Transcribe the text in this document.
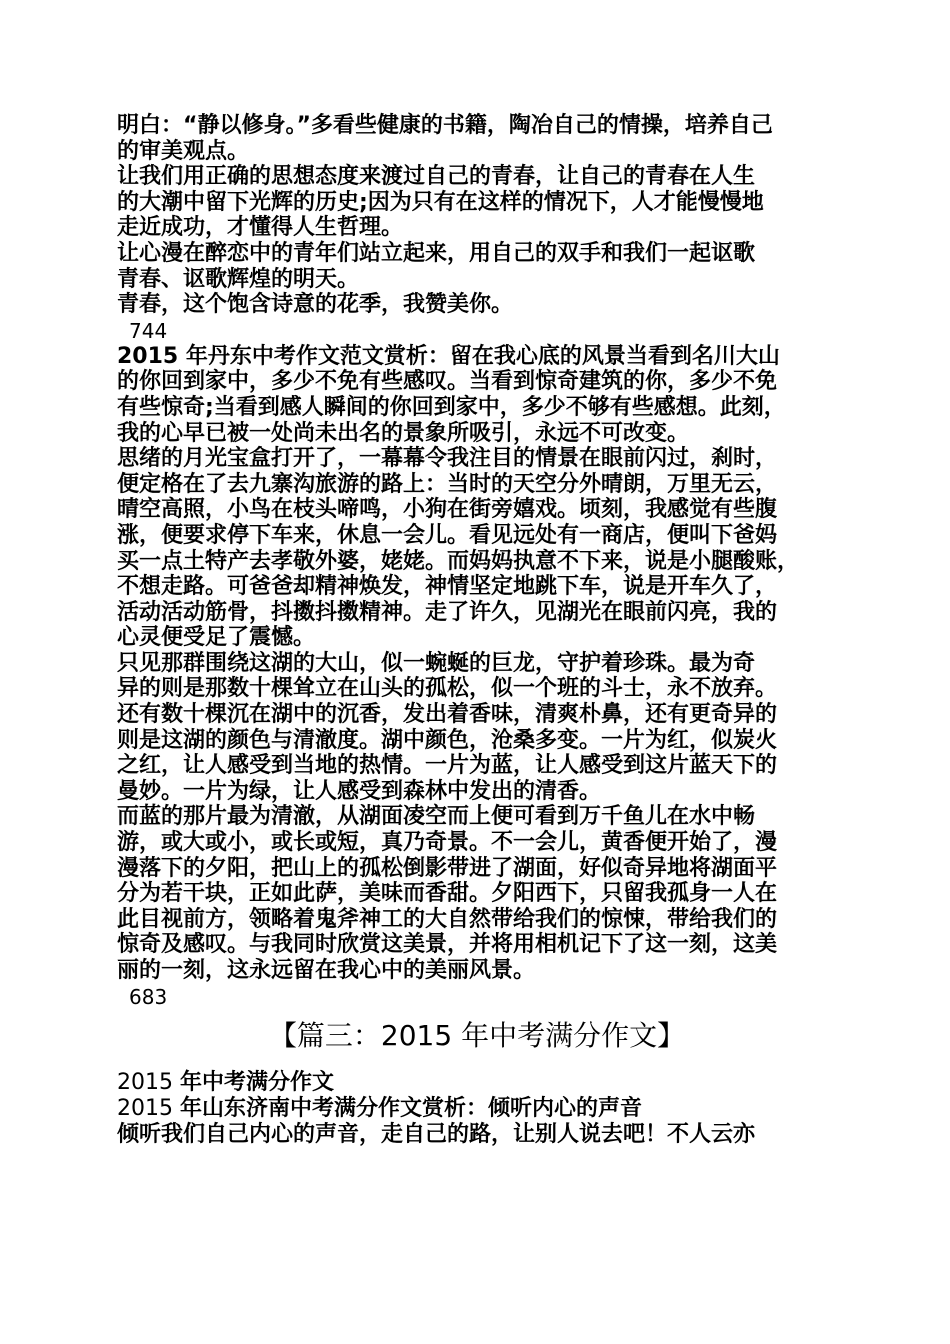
明白：“静以修身。”多看些健康的书籍，陶冶自己的情操，培养自己
的审美观点。
让我们用正确的思想态度来渡过自己的青春，让自己的青春在人生
的大潮中留下光辉的历史;因为只有在这样的情况下，人才能慢慢地
走近成功，才懂得人生哲理。
让心漫在醉恋中的青年们站立起来，用自己的双手和我们一起讴歌
青春、讴歌辉煌的明天。
青春，这个饱含诗意的花季，我赞美你。
744
2015 年丹东中考作文范文赏析：留在我心底的风景当看到名川大山
的你回到家中，多少不免有些感叹。当看到惊奇建筑的你，多少不免
有些惊奇;当看到感人瞬间的你回到家中，多少不够有些感想。此刻，
我的心早已被一处尚未出名的景象所吸引，永远不可改变。
思绪的月光宝盒打开了，一幕幕令我注目的情景在眼前闪过，刹时，
便定格在了去九寨沟旅游的路上：当时的天空分外晴朗，万里无云，
晴空高照，小鸟在枝头啼鸣，小狗在街旁嬉戏。顷刻，我感觉有些腹
涨，便要求停下车来，休息一会儿。看见远处有一商店，便叫下爸妈
买一点土特产去孝敬外婆，姥姥。而妈妈执意不下来，说是小腿酸账，
不想走路。可爸爸却精神焕发，神情坚定地跳下车，说是开车久了，
活动活动筋骨，抖擞抖擞精神。走了许久，见湖光在眼前闪亮，我的
心灵便受足了震憾。
只见那群围绕这湖的大山，似一蜿蜒的巨龙，守护着珍珠。最为奇
异的则是那数十棵耸立在山头的孤松，似一个班的斗士，永不放弃。
还有数十棵沉在湖中的沉香，发出着香味，清爽朴鼻，还有更奇异的
则是这湖的颜色与清澈度。湖中颜色，沧桑多变。一片为红，似炭火
之红，让人感受到当地的热情。一片为蓝，让人感受到这片蓝天下的
曼妙。一片为绿，让人感受到森林中发出的清香。
而蓝的那片最为清澈，从湖面凌空而上便可看到万千鱼儿在水中畅
游，或大或小，或长或短，真乃奇景。不一会儿，黄香便开始了，漫
漫落下的夕阳，把山上的孤松倒影带进了湖面，好似奇异地将湖面平
分为若干块，正如此萨，美味而香甜。夕阳西下，只留我孤身一人在
此目视前方，领略着鬼斧神工的大自然带给我们的惊悚，带给我们的
惊奇及感叹。与我同时欣赏这美景，并将用相机记下了这一刻，这美
丽的一刻，这永远留在我心中的美丽风景。
683
【篇三：2015 年中考满分作文】
2015 年中考满分作文
2015 年山东济南中考满分作文赏析：倾听内心的声音
倾听我们自己内心的声音，走自己的路，让别人说去吧！不人云亦
